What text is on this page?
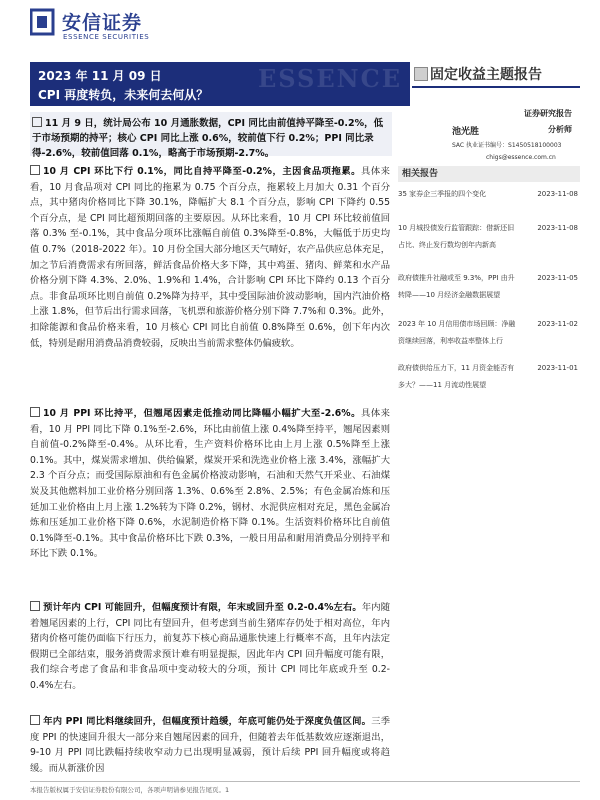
安信证券
ESSENCE SECURITIES
ESSENCE
2023 年 11 月 09 日
CPI 再度转负，未来何去何从？
固定收益主题报告
证券研究报告
池光胜	分析师
SAC 执业证书编号：S1450518100003
chigs@essence.com.cn
相关报告
35 家券企三季报的四个变化	2023-11-08
10 月城投债发行监管跟踪：借新还旧占比、终止发行数均创年内新高
2023-11-08
政府债推升社融或至 9.3%，PPI 由升转降——10 月经济金融数据展望
2023-11-05
2023 年 10 月信用债市场回顾：净融资继续回落，利率收益率整体上行
2023-11-02
政府债供给压力下，11 月资金能否有多大？——11 月流动性展望
2023-11-01
11 月 9 日，统计局公布 10 月通胀数据，CPI 同比由前值持平降至-0.2%，低于市场预期的持平；核心 CPI 同比上涨 0.6%，较前值下行 0.2%；PPI 同比录得-2.6%，较前值回落 0.1%，略高于市场预期-2.7%。
10 月 CPI 环比下行 0.1%，同比自持平降至-0.2%，主因食品项拖累。具体来看，10 月食品项对 CPI 同比的拖累为 0.75 个百分点，拖累较上月加大 0.31 个百分点，其中猪肉价格同比下降 30.1%，降幅扩大 8.1 个百分点，影响 CPI 下降约 0.55 个百分点，是 CPI 同比超预期回落的主要原因。从环比来看，10 月 CPI 环比较前值回落 0.3% 至-0.1%，其中食品分项环比涨幅自前值 0.3%降至-0.8%，大幅低于历史均值 0.7%（2018-2022 年）。10 月份全国大部分地区天气晴好，农产品供应总体充足，加之节后消费需求有所回落，鲜活食品价格大多下降，其中鸡蛋、猪肉、鲜菜和水产品价格分别下降 4.3%、2.0%、1.9%和 1.4%，合计影响 CPI 环比下降约 0.13 个百分点。非食品项环比则自前值 0.2%降为持平，其中受国际油价波动影响，国内汽油价格上涨 1.8%，但节后出行需求回落，飞机票和旅游价格分别下降 7.7%和 0.3%。此外，扣除能源和食品价格来看，10 月核心 CPI 同比自前值 0.8%降至 0.6%，创下年内次低，特别是耐用消费品消费较弱，反映出当前需求整体仍偏疲软。
10 月 PPI 环比持平，但翘尾因素走低推动同比降幅小幅扩大至-2.6%。具体来看，10 月 PPI 同比下降 0.1%至-2.6%，环比由前值上涨 0.4%降至持平，翘尾因素则自前值-0.2%降至-0.4%。从环比看，生产资料价格环比由上月上涨 0.5%降至上涨 0.1%。其中，煤炭需求增加、供给偏紧，煤炭开采和洗选业价格上涨 3.4%，涨幅扩大 2.3 个百分点；而受国际原油和有色金属价格波动影响，石油和天然气开采业、石油煤炭及其他燃料加工业价格分别回落 1.3%、0.6%至 2.8%、2.5%；有色金属冶炼和压延加工业价格由上月上涨 1.2%转为下降 0.2%，钢材、水泥供应相对充足，黑色金属冶炼和压延加工业价格下降 0.6%，水泥制造价格下降 0.1%。生活资料价格环比自前值 0.1%降至-0.1%。其中食品价格环比下跌 0.3%，一般日用品和耐用消费品分别持平和环比下跌 0.1%。
预计年内 CPI 可能回升，但幅度预计有限，年末或回升至 0.2-0.4%左右。年内随着翘尾因素的上行，CPI 同比有望回升，但考虑到当前生猪库存仍处于相对高位，年内猪肉价格可能仍面临下行压力，前复苏下核心商品通胀快速上行概率不高，且年内法定假期已全部结束，服务消费需求预计难有明显提振，因此年内 CPI 回升幅度可能有限，我们综合考虑了食品和非食品项中变动较大的分项，预计 CPI 同比年底或升至 0.2-0.4%左右。
年内 PPI 同比料继续回升，但幅度预计趋缓，年底可能仍处于深度负值区间。三季度 PPI 的快速回升很大一部分来自翘尾因素的回升，但随着去年低基数效应逐渐退出，9-10 月 PPI 同比跌幅持续收窄动力已出现明显减弱，预计后续 PPI 回升幅度或将趋缓。而从新涨价因
本报告版权属于安信证券股份有限公司，各项声明请参见报告尾页。1
